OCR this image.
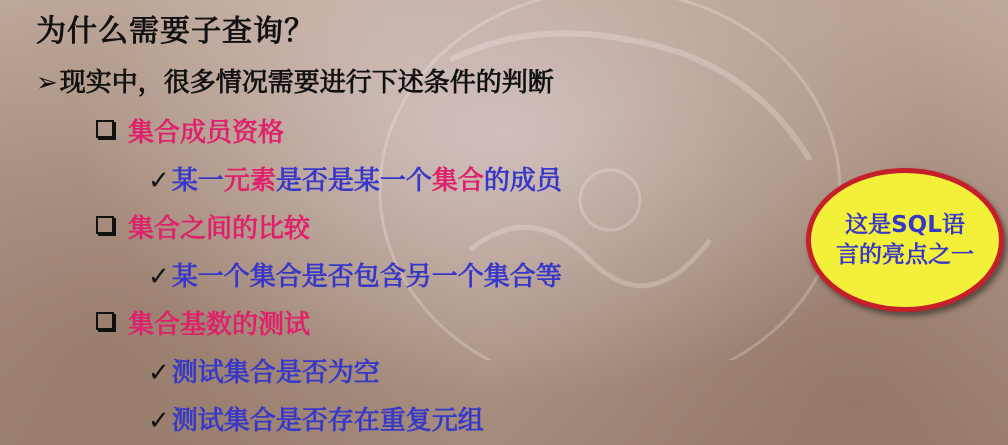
为什么需要子查询？
➢现实中，很多情况需要进行下述条件的判断
集合成员资格
✓某一元素是否是某一个集合的成员
集合之间的比较
✓某一个集合是否包含另一个集合等
集合基数的测试
✓测试集合是否为空
✓测试集合是否存在重复元组
这是SQL语言的亮点之一
